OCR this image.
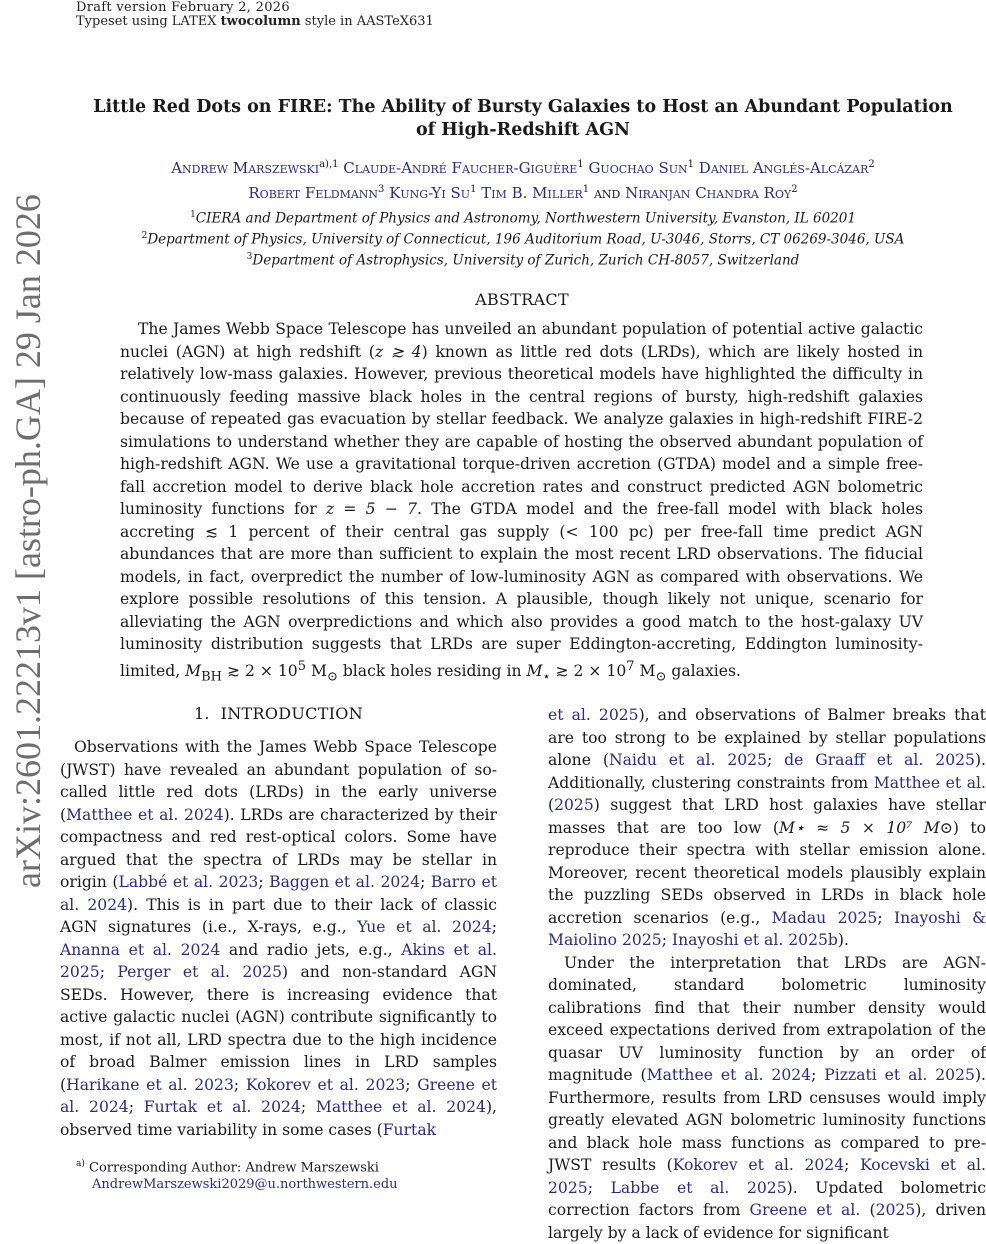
Draft version February 2, 2026
Typeset using LATEX twocolumn style in AASTeX631
arXiv:2601.22213v1 [astro-ph.GA] 29 Jan 2026
Little Red Dots on FIRE: The Ability of Bursty Galaxies to Host an Abundant Population of High-Redshift AGN
Andrew Marszewski$^{a),1}$ Claude-André Faucher-Giguère$^1$ Guochao Sun$^1$ Daniel Anglés-Alcázar$^2$
Robert Feldmann$^3$ Kung-Yi Su$^1$ Tim B. Miller$^1$ and Niranjan Chandra Roy$^2$
$^1$CIERA and Department of Physics and Astronomy, Northwestern University, Evanston, IL 60201
$^2$Department of Physics, University of Connecticut, 196 Auditorium Road, U-3046, Storrs, CT 06269-3046, USA
$^3$Department of Astrophysics, University of Zurich, Zurich CH-8057, Switzerland
ABSTRACT
The James Webb Space Telescope has unveiled an abundant population of potential active galactic nuclei (AGN) at high redshift (z ≳ 4) known as little red dots (LRDs), which are likely hosted in relatively low-mass galaxies. However, previous theoretical models have highlighted the difficulty in continuously feeding massive black holes in the central regions of bursty, high-redshift galaxies because of repeated gas evacuation by stellar feedback. We analyze galaxies in high-redshift FIRE-2 simulations to understand whether they are capable of hosting the observed abundant population of high-redshift AGN. We use a gravitational torque-driven accretion (GTDA) model and a simple free-fall accretion model to derive black hole accretion rates and construct predicted AGN bolometric luminosity functions for z = 5 − 7. The GTDA model and the free-fall model with black holes accreting ≲ 1 percent of their central gas supply (< 100 pc) per free-fall time predict AGN abundances that are more than sufficient to explain the most recent LRD observations. The fiducial models, in fact, overpredict the number of low-luminosity AGN as compared with observations. We explore possible resolutions of this tension. A plausible, though likely not unique, scenario for alleviating the AGN overpredictions and which also provides a good match to the host-galaxy UV luminosity distribution suggests that LRDs are super Eddington-accreting, Eddington luminosity-limited, $M_{BH}$ ≳ $2 \times 10^5$ $M_⊙$ black holes residing in $M_⋆$ ≳ $2 \times 10^7$ $M_⊙$ galaxies.
1. INTRODUCTION
Observations with the James Webb Space Telescope (JWST) have revealed an abundant population of so-called little red dots (LRDs) in the early universe (Matthee et al. 2024). LRDs are characterized by their compactness and red rest-optical colors. Some have argued that the spectra of LRDs may be stellar in origin (Labbé et al. 2023; Baggen et al. 2024; Barro et al. 2024). This is in part due to their lack of classic AGN signatures (i.e., X-rays, e.g., Yue et al. 2024; Ananna et al. 2024 and radio jets, e.g., Akins et al. 2025; Perger et al. 2025) and non-standard AGN SEDs. However, there is increasing evidence that active galactic nuclei (AGN) contribute significantly to most, if not all, LRD spectra due to the high incidence of broad Balmer emission lines in LRD samples (Harikane et al. 2023; Kokorev et al. 2023; Greene et al. 2024; Furtak et al. 2024; Matthee et al. 2024), observed time variability in some cases (Furtak

et al. 2025), and observations of Balmer breaks that are too strong to be explained by stellar populations alone (Naidu et al. 2025; de Graaff et al. 2025). Additionally, clustering constraints from Matthee et al. (2025) suggest that LRD host galaxies have stellar masses that are too low (M⋆ ≈ 5 × 10⁷ M⊙) to reproduce their spectra with stellar emission alone. Moreover, recent theoretical models plausibly explain the puzzling SEDs observed in LRDs in black hole accretion scenarios (e.g., Madau 2025; Inayoshi & Maiolino 2025; Inayoshi et al. 2025b).

Under the interpretation that LRDs are AGN-dominated, standard bolometric luminosity calibrations find that their number density would exceed expectations derived from extrapolation of the quasar UV luminosity function by an order of magnitude (Matthee et al. 2024; Pizzati et al. 2025). Furthermore, results from LRD censuses would imply greatly elevated AGN bolometric luminosity functions and black hole mass functions as compared to pre-JWST results (Kokorev et al. 2024; Kocevski et al. 2025; Labbe et al. 2025). Updated bolometric correction factors from Greene et al. (2025), driven largely by a lack of evidence for significant

$^{a)}$ Corresponding Author: Andrew Marszewski
AndrewMarszewski2029@u.northwestern.edu
